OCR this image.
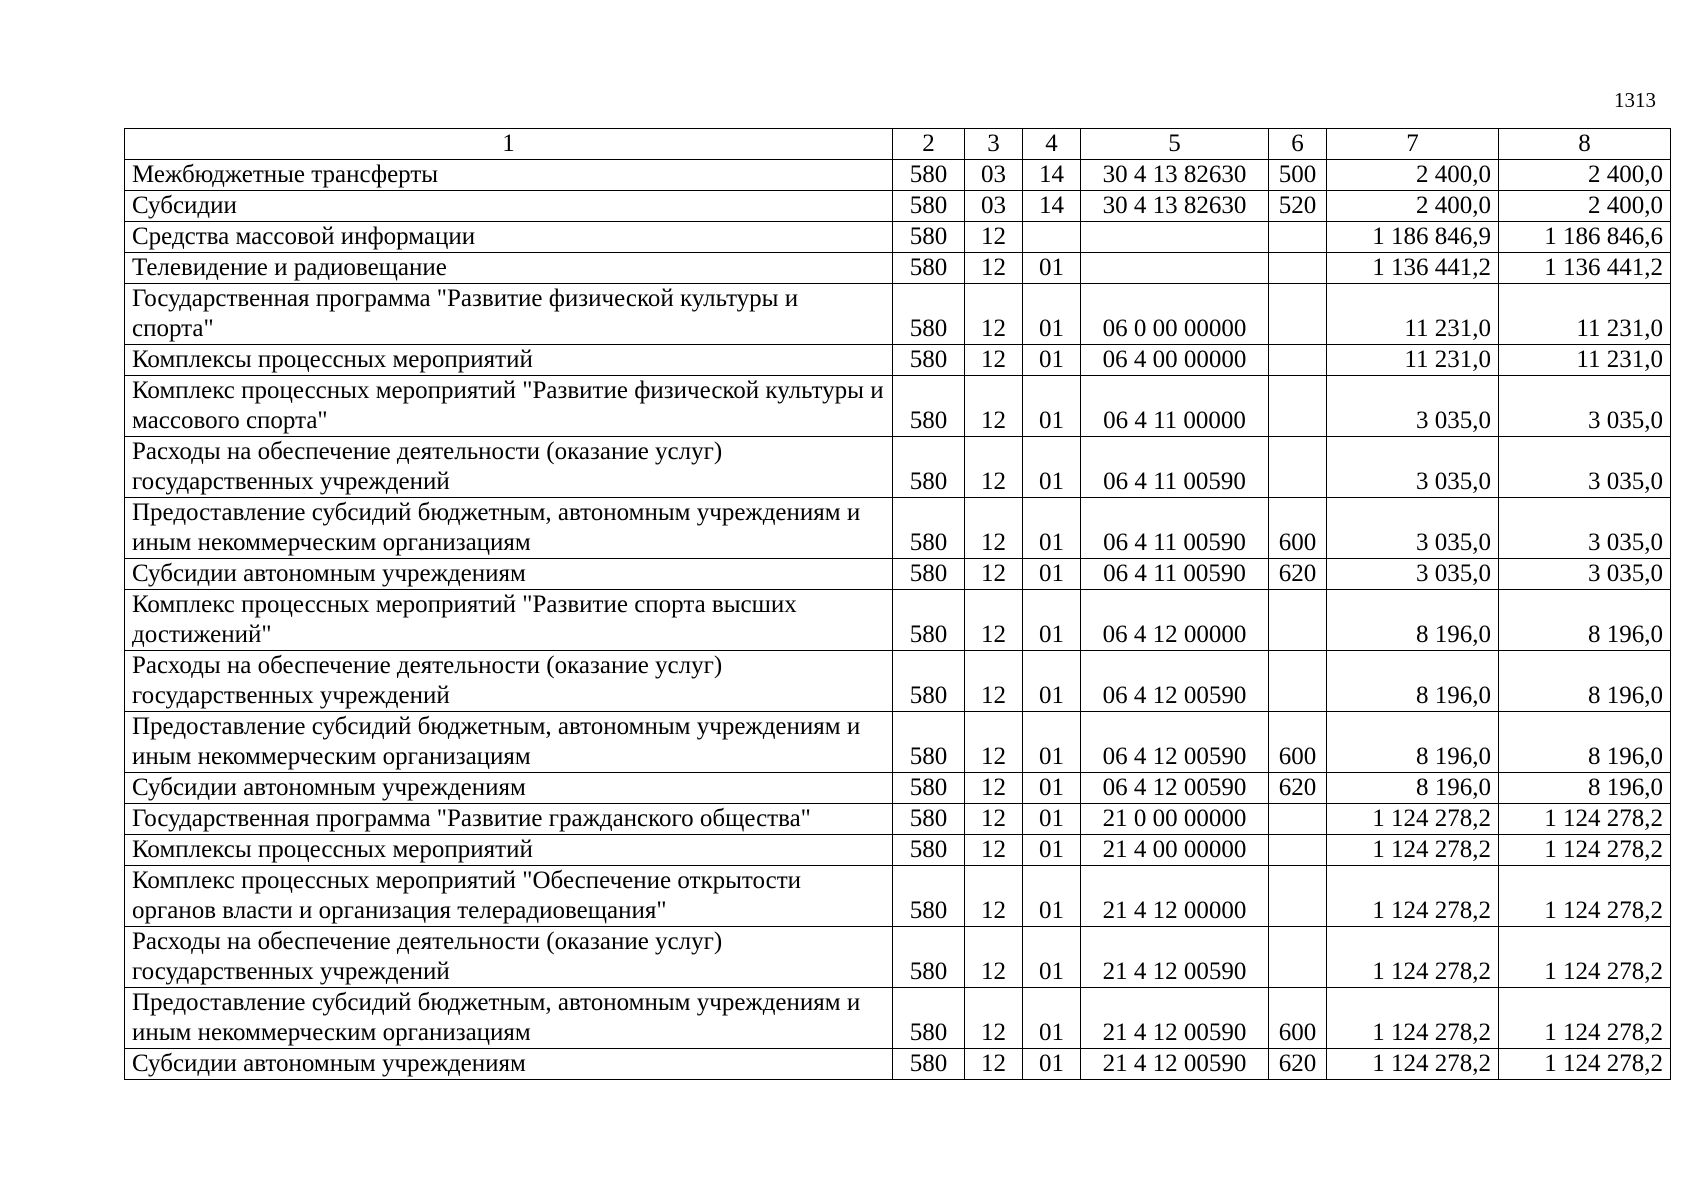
1313
1	2	3	4	5	6	7	8
Межбюджетные трансферты	580	03	14	30 4 13 82630	500	2 400,0	2 400,0
Субсидии	580	03	14	30 4 13 82630	520	2 400,0	2 400,0
Средства массовой информации	580	12				1 186 846,9	1 186 846,6
Телевидение и радиовещание	580	12	01			1 136 441,2	1 136 441,2
Государственная программа "Развитие физической культуры и спорта"	580	12	01	06 0 00 00000		11 231,0	11 231,0
Комплексы процессных мероприятий	580	12	01	06 4 00 00000		11 231,0	11 231,0
Комплекс процессных мероприятий "Развитие физической культуры и массового спорта"	580	12	01	06 4 11 00000		3 035,0	3 035,0
Расходы на обеспечение деятельности (оказание услуг) государственных учреждений	580	12	01	06 4 11 00590		3 035,0	3 035,0
Предоставление субсидий бюджетным, автономным учреждениям и иным некоммерческим организациям	580	12	01	06 4 11 00590	600	3 035,0	3 035,0
Субсидии автономным учреждениям	580	12	01	06 4 11 00590	620	3 035,0	3 035,0
Комплекс процессных мероприятий "Развитие спорта высших достижений"	580	12	01	06 4 12 00000		8 196,0	8 196,0
Расходы на обеспечение деятельности (оказание услуг) государственных учреждений	580	12	01	06 4 12 00590		8 196,0	8 196,0
Предоставление субсидий бюджетным, автономным учреждениям и иным некоммерческим организациям	580	12	01	06 4 12 00590	600	8 196,0	8 196,0
Субсидии автономным учреждениям	580	12	01	06 4 12 00590	620	8 196,0	8 196,0
Государственная программа "Развитие гражданского общества"	580	12	01	21 0 00 00000		1 124 278,2	1 124 278,2
Комплексы процессных мероприятий	580	12	01	21 4 00 00000		1 124 278,2	1 124 278,2
Комплекс процессных мероприятий "Обеспечение открытости органов власти и организация телерадиовещания"	580	12	01	21 4 12 00000		1 124 278,2	1 124 278,2
Расходы на обеспечение деятельности (оказание услуг) государственных учреждений	580	12	01	21 4 12 00590		1 124 278,2	1 124 278,2
Предоставление субсидий бюджетным, автономным учреждениям и иным некоммерческим организациям	580	12	01	21 4 12 00590	600	1 124 278,2	1 124 278,2
Субсидии автономным учреждениям	580	12	01	21 4 12 00590	620	1 124 278,2	1 124 278,2
